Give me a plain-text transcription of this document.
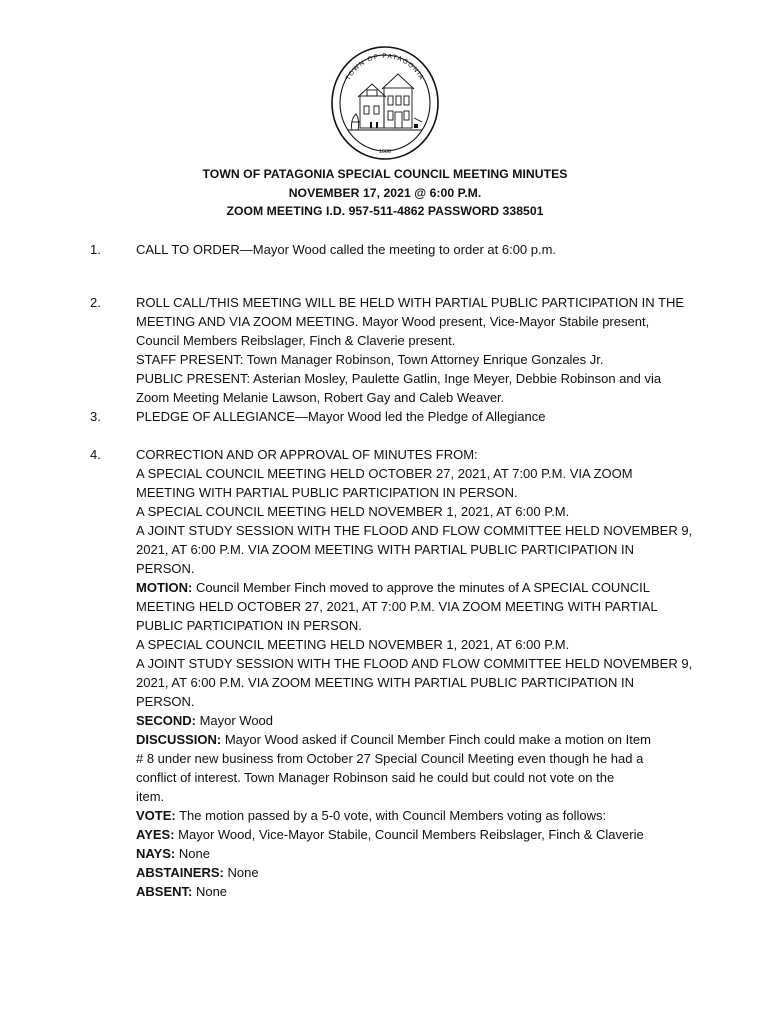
TOWN OF PATAGONIA
1900
TOWN OF PATAGONIA SPECIAL COUNCIL MEETING MINUTES
NOVEMBER 17, 2021 @ 6:00 P.M.
ZOOM MEETING I.D. 957-511-4862 PASSWORD 338501
1.	CALL TO ORDER—Mayor Wood called the meeting to order at 6:00 p.m.
2.	ROLL CALL/THIS MEETING WILL BE HELD WITH PARTIAL PUBLIC PARTICIPATION IN THE
MEETING AND VIA ZOOM MEETING. Mayor Wood present, Vice-Mayor Stabile present,
Council Members Reibslager, Finch & Claverie present.
STAFF PRESENT: Town Manager Robinson, Town Attorney Enrique Gonzales Jr.
PUBLIC PRESENT: Asterian Mosley, Paulette Gatlin, Inge Meyer, Debbie Robinson and via
Zoom Meeting Melanie Lawson, Robert Gay and Caleb Weaver.
3.	PLEDGE OF ALLEGIANCE—Mayor Wood led the Pledge of Allegiance
4.	CORRECTION AND OR APPROVAL OF MINUTES FROM:
A SPECIAL COUNCIL MEETING HELD OCTOBER 27, 2021, AT 7:00 P.M. VIA ZOOM
MEETING WITH PARTIAL PUBLIC PARTICIPATION IN PERSON.
A SPECIAL COUNCIL MEETING HELD NOVEMBER 1, 2021, AT 6:00 P.M.
A JOINT STUDY SESSION WITH THE FLOOD AND FLOW COMMITTEE HELD NOVEMBER 9,
2021, AT 6:00 P.M. VIA ZOOM MEETING WITH PARTIAL PUBLIC PARTICIPATION IN
PERSON.
MOTION: Council Member Finch moved to approve the minutes of A SPECIAL COUNCIL
MEETING HELD OCTOBER 27, 2021, AT 7:00 P.M. VIA ZOOM MEETING WITH PARTIAL
PUBLIC PARTICIPATION IN PERSON.
A SPECIAL COUNCIL MEETING HELD NOVEMBER 1, 2021, AT 6:00 P.M.
A JOINT STUDY SESSION WITH THE FLOOD AND FLOW COMMITTEE HELD NOVEMBER 9,
2021, AT 6:00 P.M. VIA ZOOM MEETING WITH PARTIAL PUBLIC PARTICIPATION IN
PERSON.
SECOND: Mayor Wood
DISCUSSION: Mayor Wood asked if Council Member Finch could make a motion on Item
# 8 under new business from October 27 Special Council Meeting even though he had a
conflict of interest. Town Manager Robinson said he could but could not vote on the
item.
VOTE: The motion passed by a 5-0 vote, with Council Members voting as follows:
AYES: Mayor Wood, Vice-Mayor Stabile, Council Members Reibslager, Finch & Claverie
NAYS: None
ABSTAINERS: None
ABSENT: None
